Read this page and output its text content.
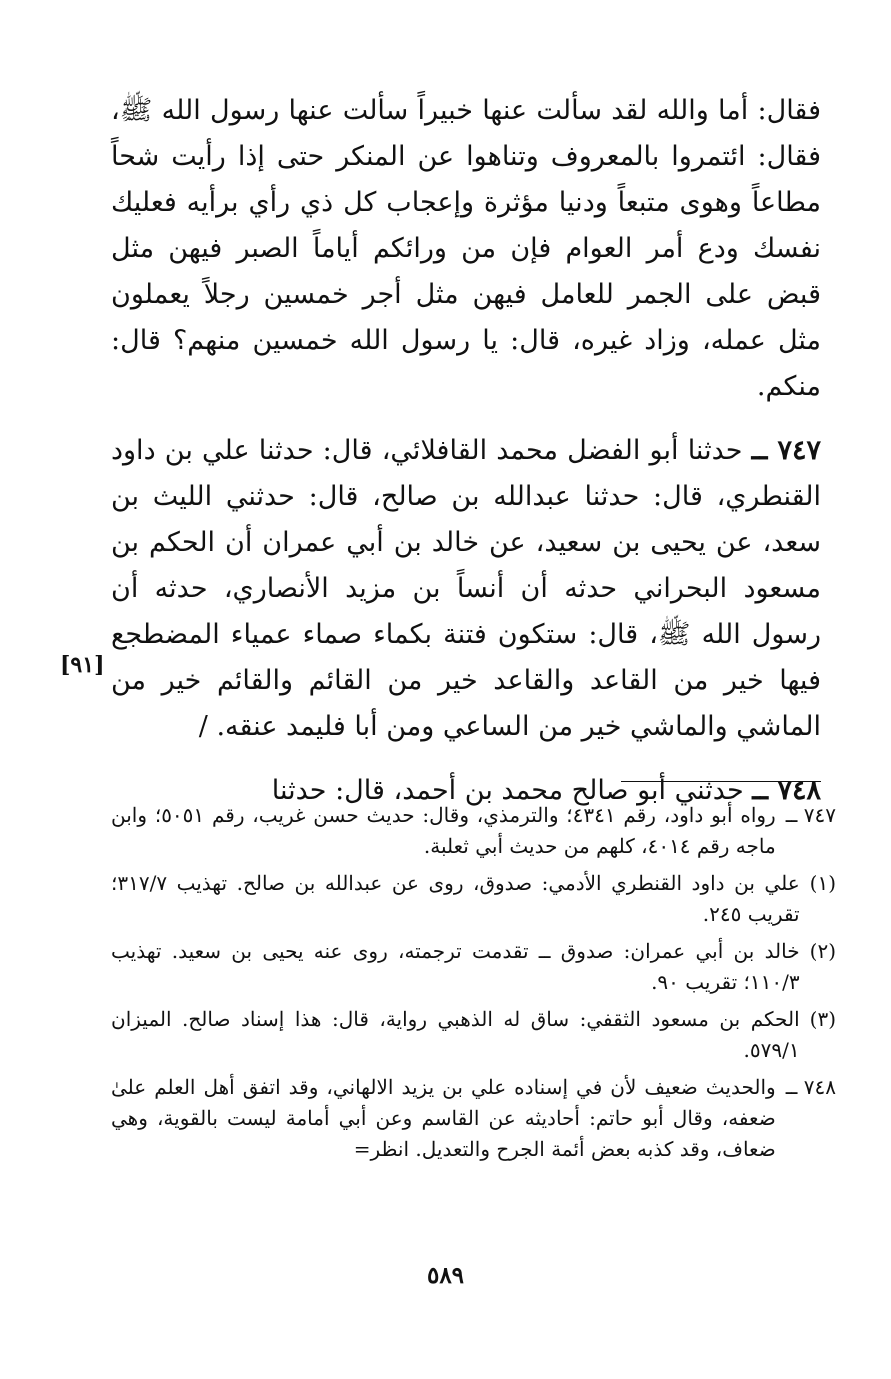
فقال: أما والله لقد سألت عنها خبيراً سألت عنها رسول الله ﷺ، فقال: ائتمروا بالمعروف وتناهوا عن المنكر حتى إذا رأيت شحاً مطاعاً وهوى متبعاً ودنيا مؤثرة وإعجاب كل ذي رأي برأيه فعليك نفسك ودع أمر العوام فإن من ورائكم أياماً الصبر فيهن مثل قبض على الجمر للعامل فيهن مثل أجر خمسين رجلاً يعملون مثل عمله، وزاد غيره، قال: يا رسول الله خمسين منهم؟ قال: منكم.

٧٤٧ ــ حدثنا أبو الفضل محمد القافلائي، قال: حدثنا علي بن داود القنطري، قال: حدثنا عبدالله بن صالح، قال: حدثني الليث بن سعد، عن يحيى بن سعيد، عن خالد بن أبي عمران أن الحكم بن مسعود البحراني حدثه أن أنساً بن مزيد الأنصاري، حدثه أن رسول الله ﷺ، قال: ستكون فتنة بكماء صماء عمياء المضطجع فيها خير من القاعد والقاعد خير من القائم والقائم خير من الماشي والماشي خير من الساعي ومن أبا فليمد عنقه. /

٧٤٨ ــ حدثني أبو صالح محمد بن أحمد، قال: حدثنا

[٩١]
٧٤٧ ــ
رواه أبو داود، رقم ٤٣٤١؛ والترمذي، وقال: حديث حسن غريب، رقم ٥٠٥١؛ وابن ماجه رقم ٤٠١٤، كلهم من حديث أبي ثعلبة.
(١)
علي بن داود القنطري الأدمي: صدوق، روى عن عبدالله بن صالح. تهذيب ٣١٧/٧؛ تقريب ٢٤٥.
(٢)
خالد بن أبي عمران: صدوق ــ تقدمت ترجمته، روى عنه يحيى بن سعيد. تهذيب ١١٠/٣؛ تقريب ٩٠.
(٣)
الحكم بن مسعود الثقفي: ساق له الذهبي رواية، قال: هذا إسناد صالح. الميزان ٥٧٩/١.
٧٤٨ ــ
والحديث ضعيف لأن في إسناده علي بن يزيد الالهاني، وقد اتفق أهل العلم علىٰ ضعفه، وقال أبو حاتم: أحاديثه عن القاسم وعن أبي أمامة ليست بالقوية، وهي ضعاف، وقد كذبه بعض أئمة الجرح والتعديل. انظر=
٥٨٩
